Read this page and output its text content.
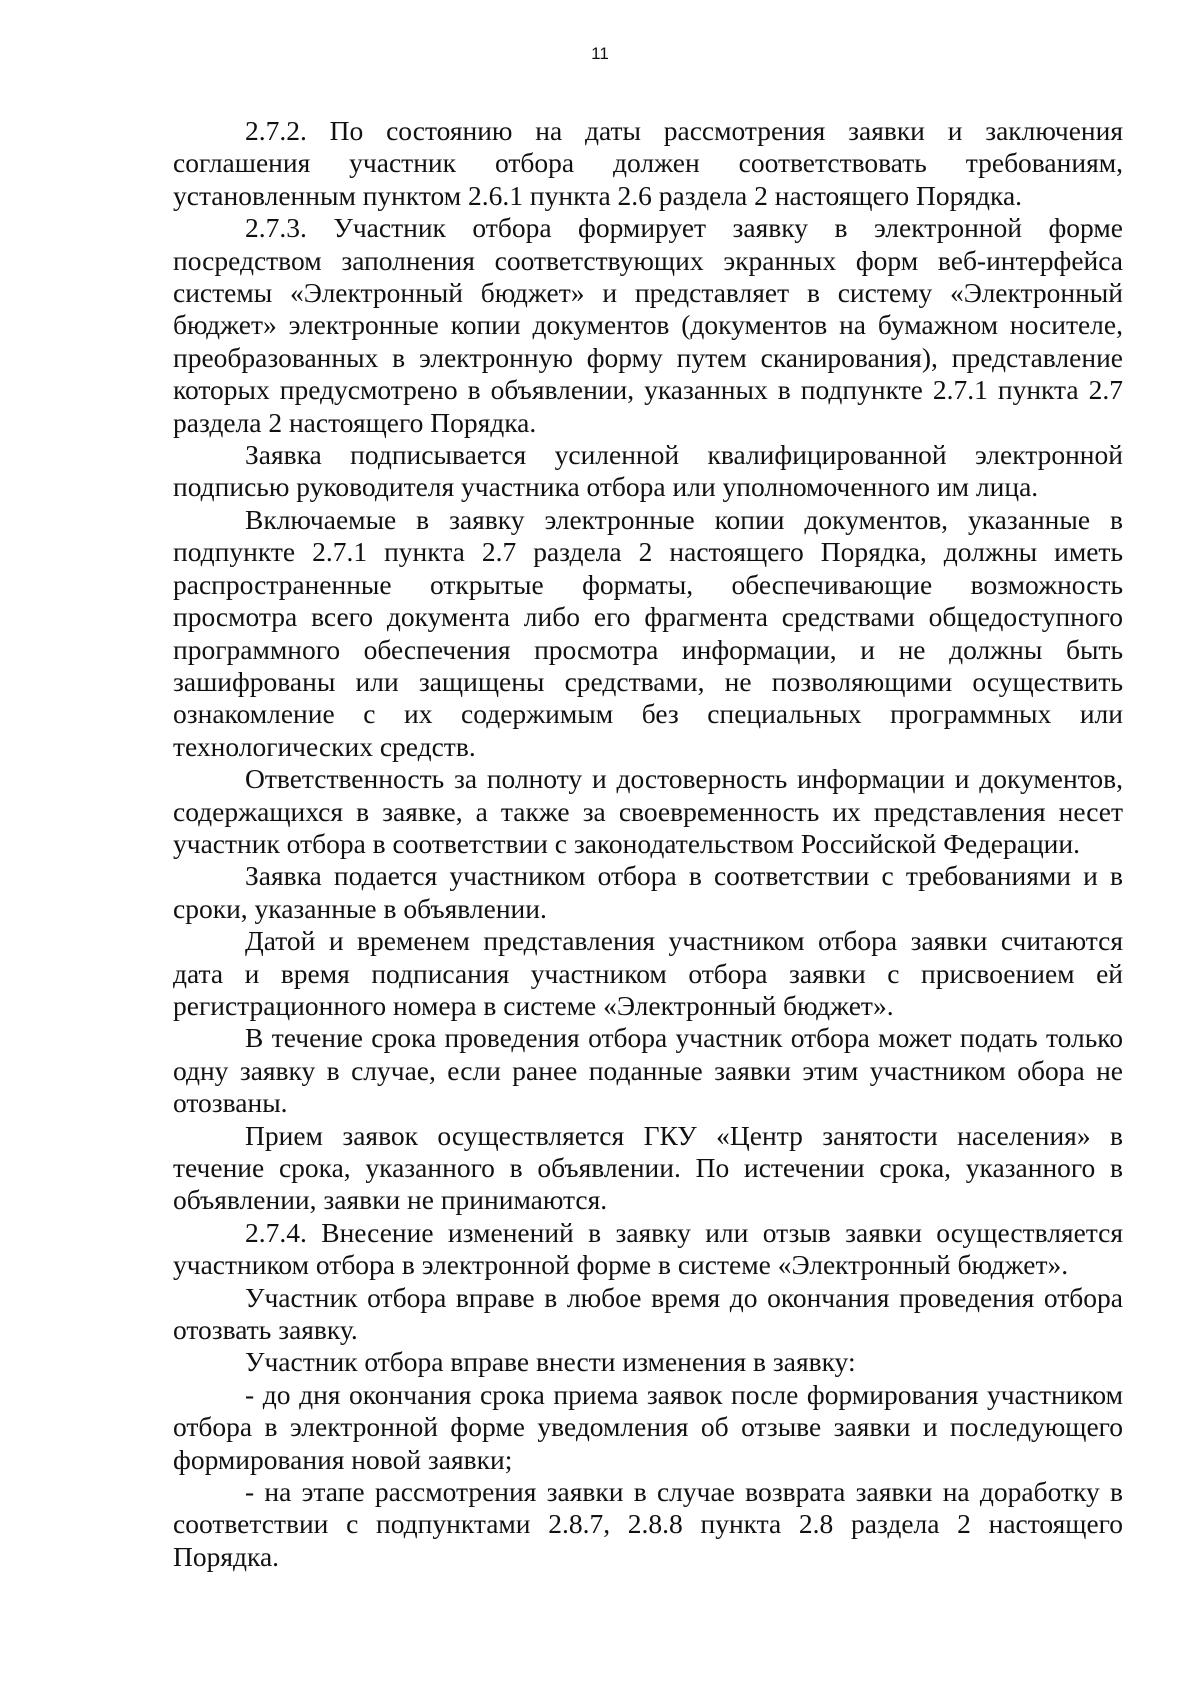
11

2.7.2. По состоянию на даты рассмотрения заявки и заключения соглашения участник отбора должен соответствовать требованиям, установленным пунктом 2.6.1 пункта 2.6 раздела 2 настоящего Порядка.

2.7.3. Участник отбора формирует заявку в электронной форме посредством заполнения соответствующих экранных форм веб-интерфейса системы «Электронный бюджет» и представляет в систему «Электронный бюджет» электронные копии документов (документов на бумажном носителе, преобразованных в электронную форму путем сканирования), представление которых предусмотрено в объявлении, указанных в подпункте 2.7.1 пункта 2.7 раздела 2 настоящего Порядка.

Заявка подписывается усиленной квалифицированной электронной подписью руководителя участника отбора или уполномоченного им лица.

Включаемые в заявку электронные копии документов, указанные в подпункте 2.7.1 пункта 2.7 раздела 2 настоящего Порядка, должны иметь распространенные открытые форматы, обеспечивающие возможность просмотра всего документа либо его фрагмента средствами общедоступного программного обеспечения просмотра информации, и не должны быть зашифрованы или защищены средствами, не позволяющими осуществить ознакомление с их содержимым без специальных программных или технологических средств.

Ответственность за полноту и достоверность информации и документов, содержащихся в заявке, а также за своевременность их представления несет участник отбора в соответствии с законодательством Российской Федерации.

Заявка подается участником отбора в соответствии с требованиями и в сроки, указанные в объявлении.

Датой и временем представления участником отбора заявки считаются дата и время подписания участником отбора заявки с присвоением ей регистрационного номера в системе «Электронный бюджет».

В течение срока проведения отбора участник отбора может подать только одну заявку в случае, если ранее поданные заявки этим участником обора не отозваны.

Прием заявок осуществляется ГКУ «Центр занятости населения» в течение срока, указанного в объявлении. По истечении срока, указанного в объявлении, заявки не принимаются.

2.7.4. Внесение изменений в заявку или отзыв заявки осуществляется участником отбора в электронной форме в системе «Электронный бюджет».

Участник отбора вправе в любое время до окончания проведения отбора отозвать заявку.

Участник отбора вправе внести изменения в заявку:

- до дня окончания срока приема заявок после формирования участником отбора в электронной форме уведомления об отзыве заявки и последующего формирования новой заявки;

- на этапе рассмотрения заявки в случае возврата заявки на доработку в соответствии с подпунктами 2.8.7, 2.8.8 пункта 2.8 раздела 2 настоящего Порядка.
